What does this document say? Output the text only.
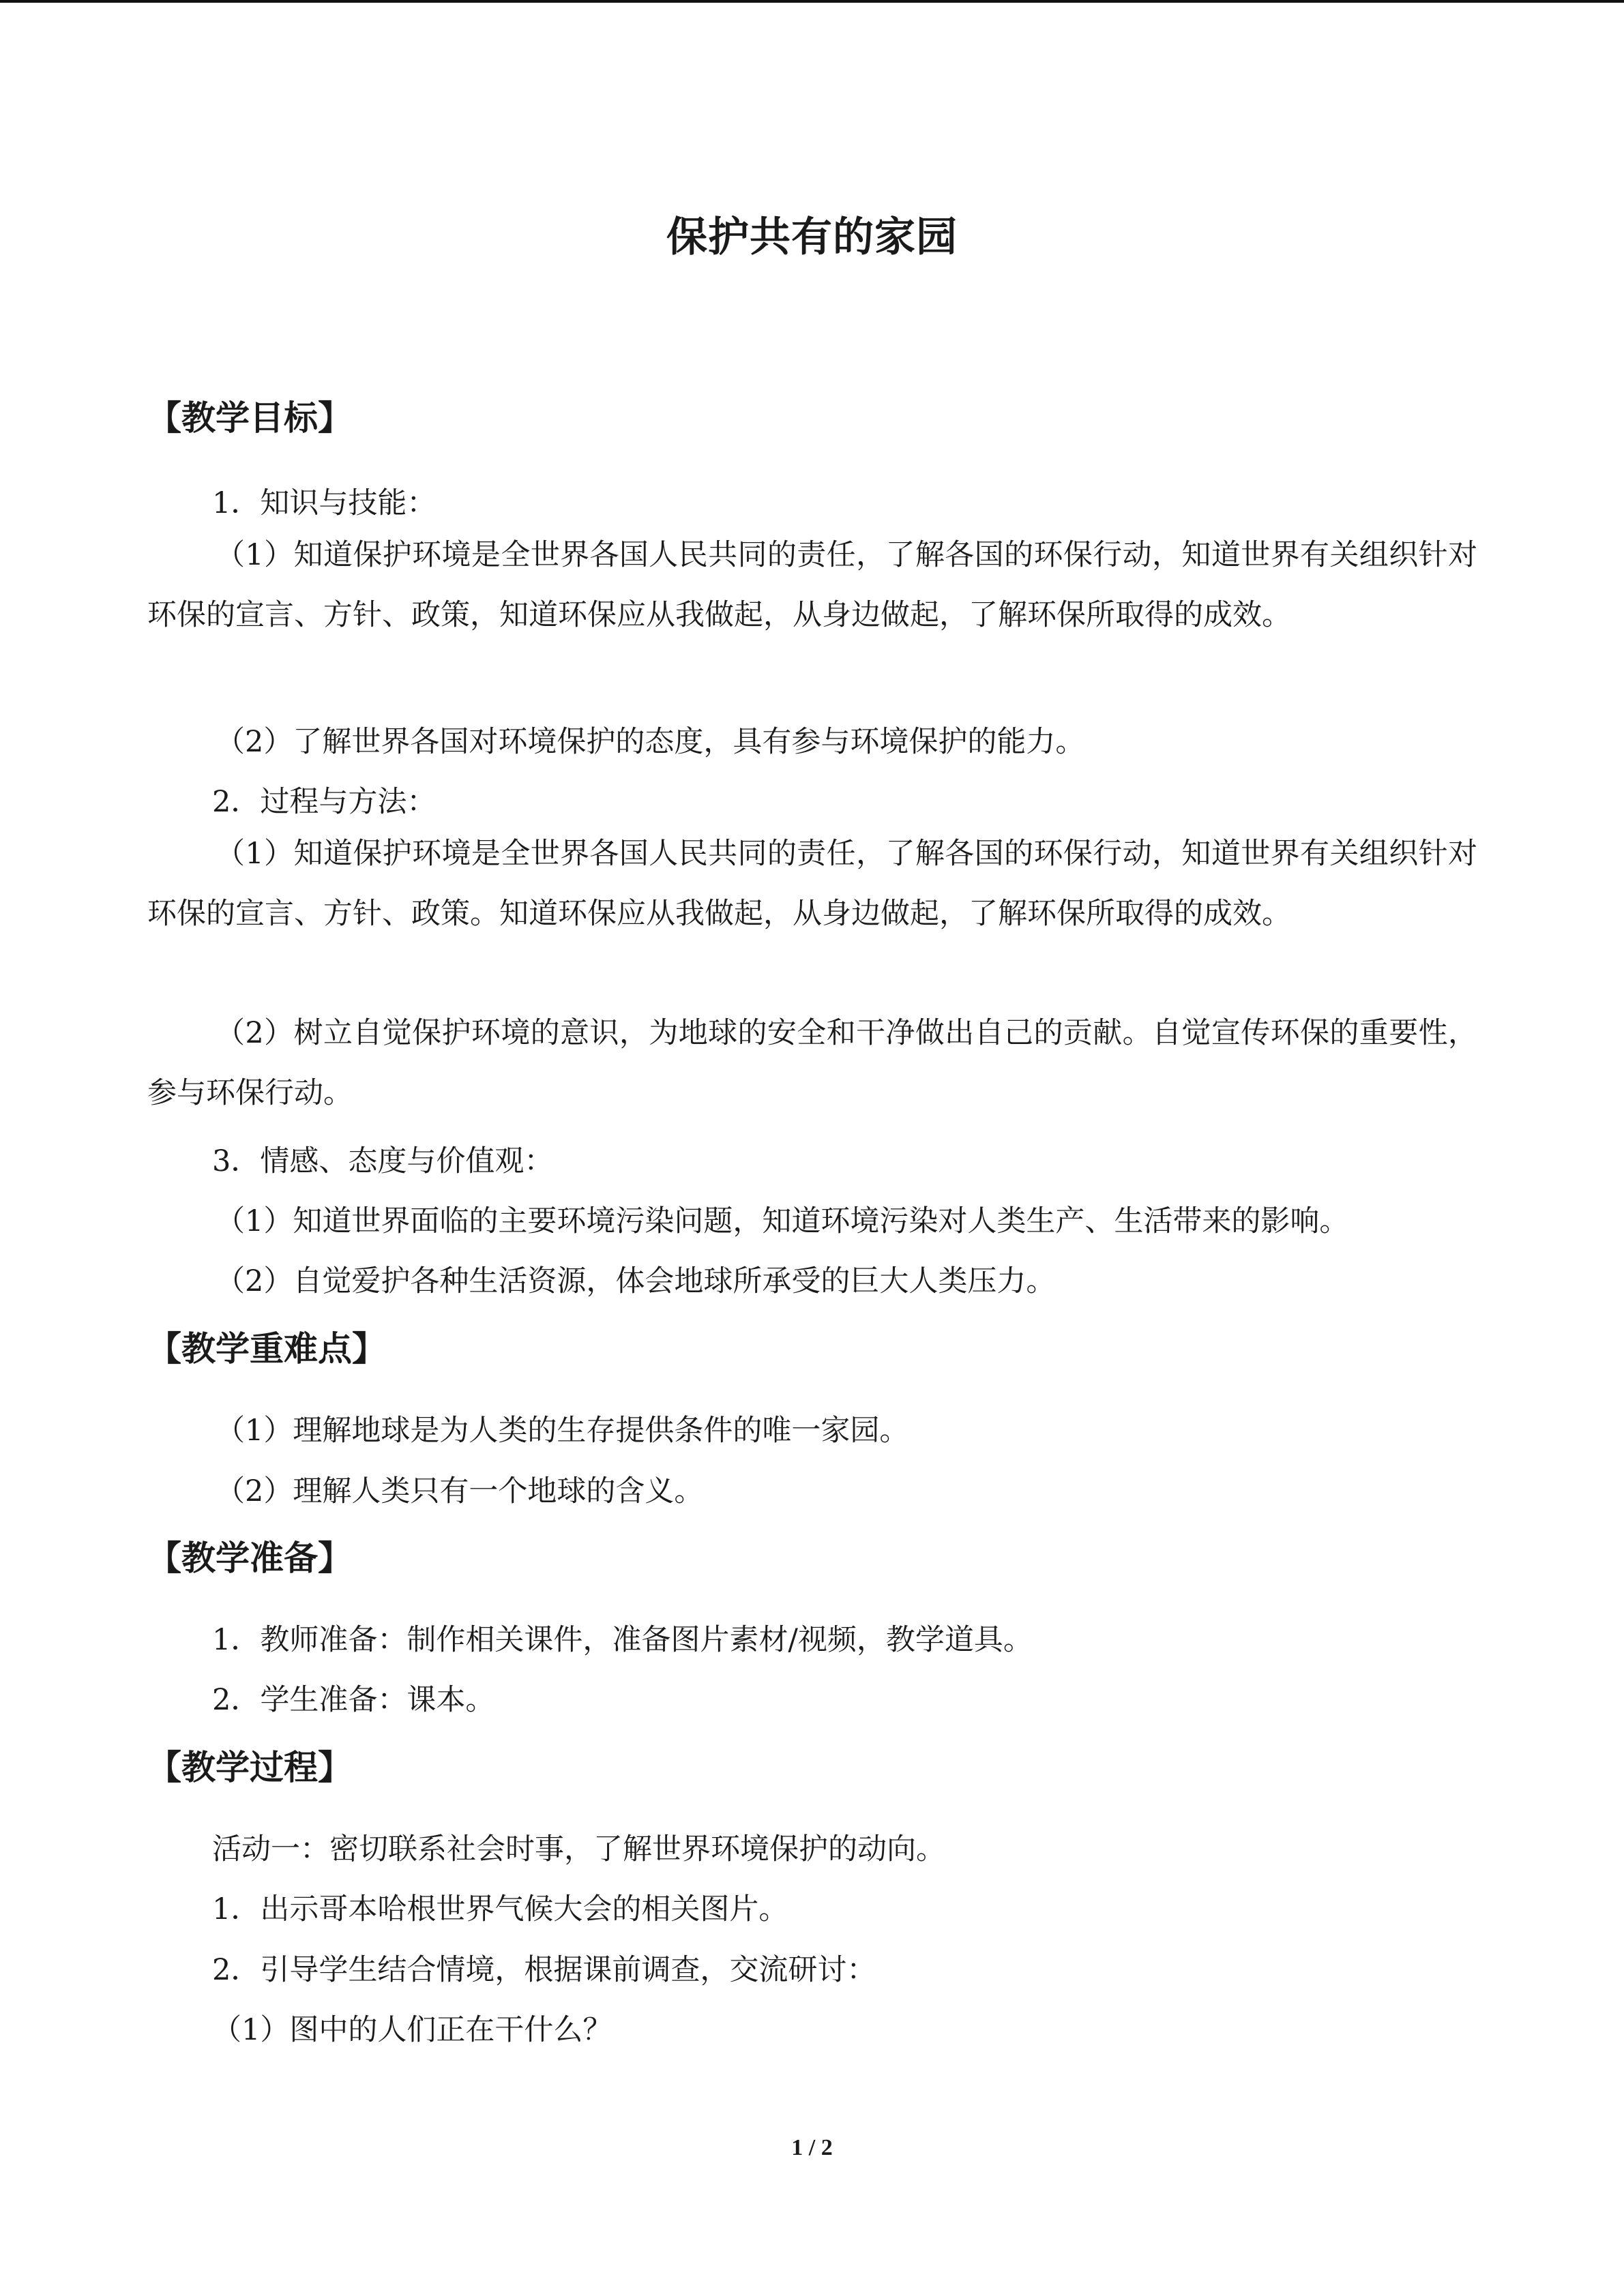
保护共有的家园
【教学目标】
1．知识与技能：

（1）知道保护环境是全世界各国人民共同的责任，了解各国的环保行动，知道世界有关组织针对环保的宣言、方针、政策，知道环保应从我做起，从身边做起，了解环保所取得的成效。

（2）了解世界各国对环境保护的态度，具有参与环境保护的能力。
2．过程与方法：

（1）知道保护环境是全世界各国人民共同的责任，了解各国的环保行动，知道世界有关组织针对环保的宣言、方针、政策。知道环保应从我做起，从身边做起，了解环保所取得的成效。

（2）树立自觉保护环境的意识，为地球的安全和干净做出自己的贡献。自觉宣传环保的重要性，参与环保行动。

3．情感、态度与价值观：
（1）知道世界面临的主要环境污染问题，知道环境污染对人类生产、生活带来的影响。
（2）自觉爱护各种生活资源，体会地球所承受的巨大人类压力。
【教学重难点】
（1）理解地球是为人类的生存提供条件的唯一家园。
（2）理解人类只有一个地球的含义。
【教学准备】
1．教师准备：制作相关课件，准备图片素材/视频，教学道具。
2．学生准备：课本。
【教学过程】
活动一：密切联系社会时事，了解世界环境保护的动向。
1．出示哥本哈根世界气候大会的相关图片。
2．引导学生结合情境，根据课前调查，交流研讨：
（1）图中的人们正在干什么？
1 / 2
